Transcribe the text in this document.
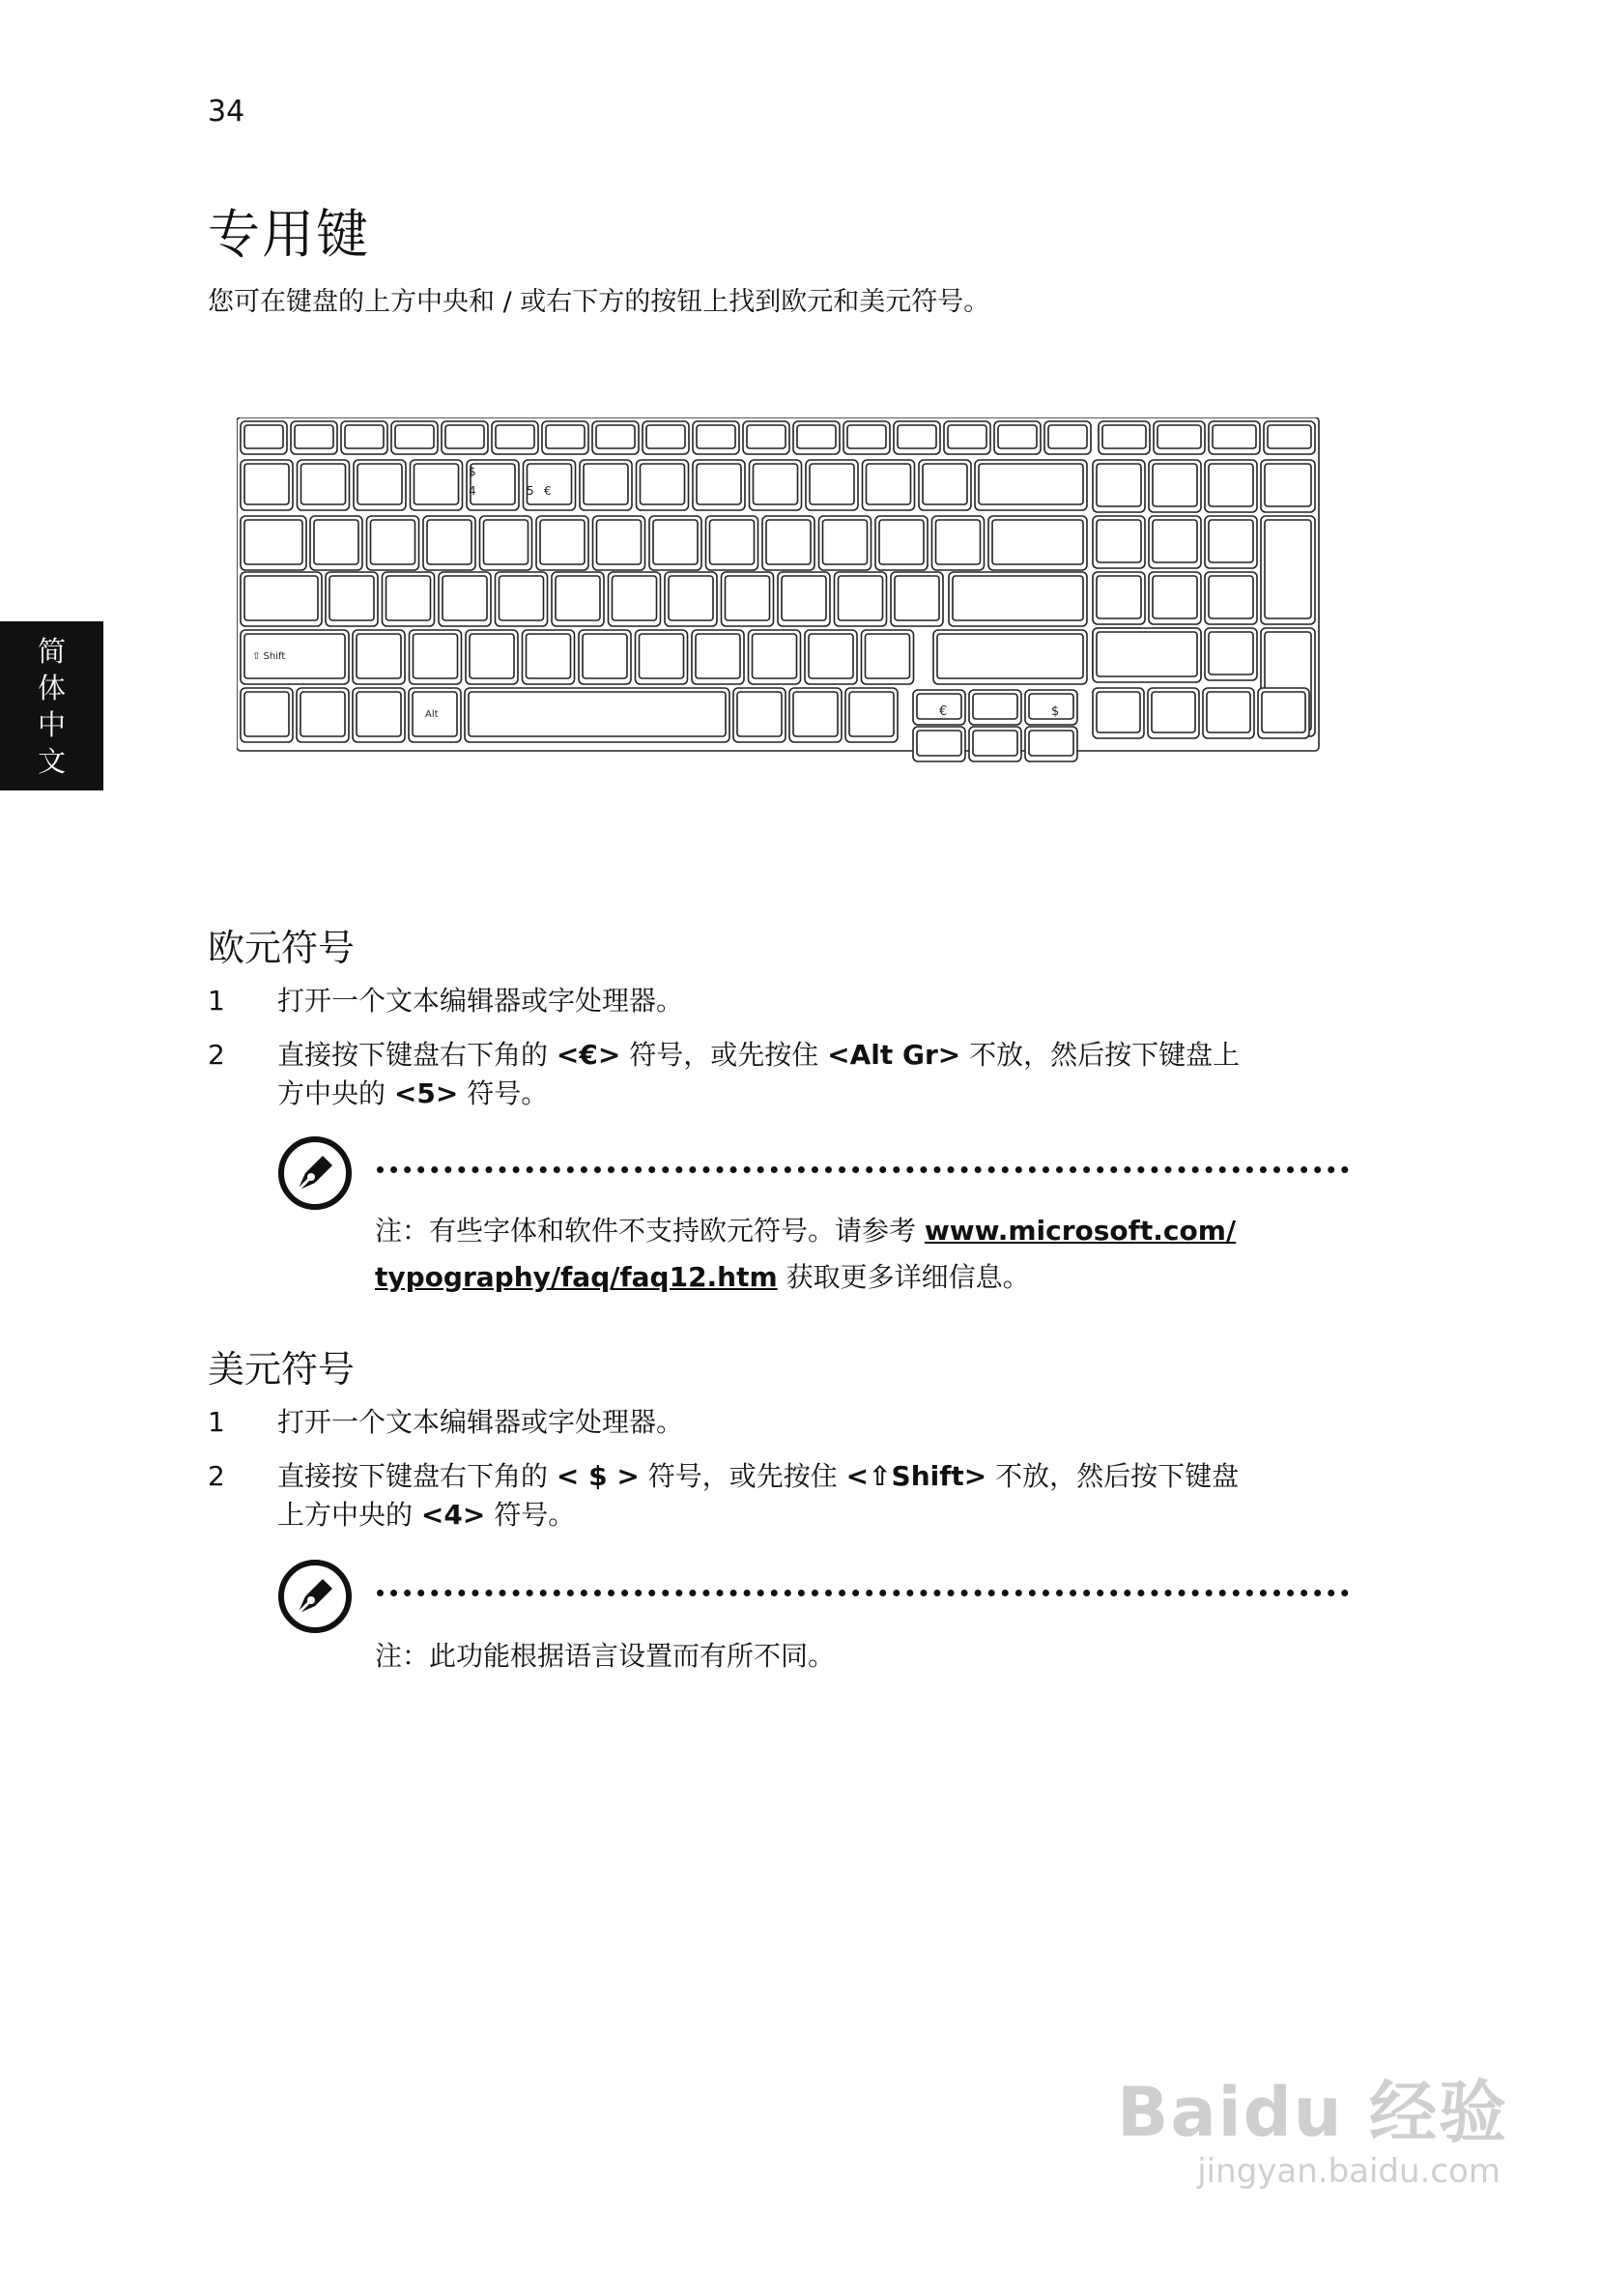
34
简
体
中
文
专用键
您可在键盘的上方中央和 / 或右下方的按钮上找到欧元和美元符号。
$
4	5 €
⇧ Shift
Alt	€	$
欧元符号
1 打开一个文本编辑器或字处理器。
2 直接按下键盘右下角的 <€> 符号，或先按住 <Alt Gr> 不放，然后按下键盘上
方中央的 <5> 符号。
注：有些字体和软件不支持欧元符号。请参考 www.microsoft.com/
typography/faq/faq12.htm 获取更多详细信息。
美元符号
1 打开一个文本编辑器或字处理器。
2 直接按下键盘右下角的 < $ > 符号，或先按住 <⇧Shift> 不放，然后按下键盘
上方中央的 <4> 符号。
注：此功能根据语言设置而有所不同。
Baidu 经验
jingyan.baidu.com
